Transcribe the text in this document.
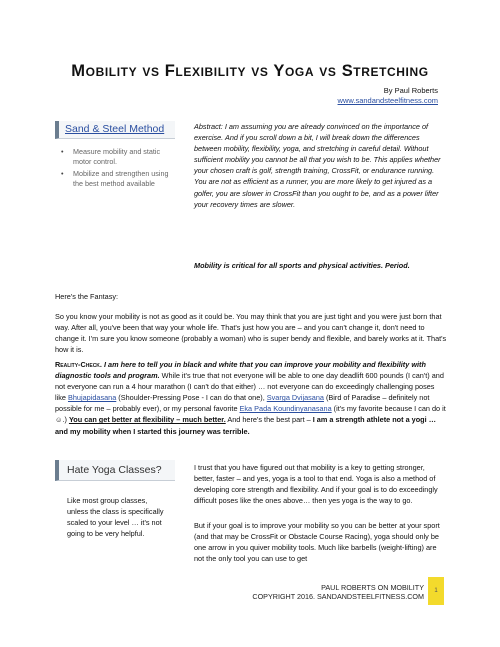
Mobility vs Flexibility vs Yoga vs Stretching
By Paul Roberts
www.sandandsteelfitness.com
Sand & Steel Method
• Measure mobility and static motor control.
• Mobilize and strengthen using the best method available

Abstract: I am assuming you are already convinced on the importance of exercise. And if you scroll down a bit, I will break down the differences between mobility, flexibility, yoga, and stretching in careful detail. Without sufficient mobility you cannot be all that you wish to be. This applies whether your chosen craft is golf, strength training, CrossFit, or endurance running. You are not as efficient as a runner, you are more likely to get injured as a golfer, you are slower in CrossFit than you ought to be, and as a power lifter your recovery times are slower.

Mobility is critical for all sports and physical activities. Period.

Here's the Fantasy:

So you know your mobility is not as good as it could be. You may think that you are just tight and you were just born that way. After all, you've been that way your whole life. That's just how you are – and you can't change it, don't need to change it. I'm sure you know someone (probably a woman) who is super bendy and flexible, and barely works at it. That's how it is.

Reality-Check. I am here to tell you in black and white that you can improve your mobility and flexibility with diagnostic tools and program. While it's true that not everyone will be able to one day deadlift 600 pounds (I can't) and not everyone can run a 4 hour marathon (I can't do that either) … not everyone can do exceedingly challenging poses like Bhujapidasana (Shoulder-Pressing Pose - I can do that one), Svarga Dvijasana (Bird of Paradise – definitely not possible for me – probably ever), or my personal favorite Eka Pada Koundinyanasana (it's my favorite because I can do it ☺.) You can get better at flexibility – much better. And here's the best part – I am a strength athlete not a yogi … and my mobility when I started this journey was terrible.

Hate Yoga Classes?
Like most group classes, unless the class is specifically scaled to your level … it's not going to be very helpful.

I trust that you have figured out that mobility is a key to getting stronger, better, faster – and yes, yoga is a tool to that end. Yoga is also a method of developing core strength and flexibility. And if your goal is to do exceedingly difficult poses like the ones above… then yes yoga is the way to go.

But if your goal is to improve your mobility so you can be better at your sport (and that may be CrossFit or Obstacle Course Racing), yoga should only be one arrow in you quiver mobility tools. Much like barbells (weight-lifting) are not the only tool you can use to get

PAUL ROBERTS ON MOBILITY
COPYRIGHT 2016. SANDANDSTEELFITNESS.COM
1
